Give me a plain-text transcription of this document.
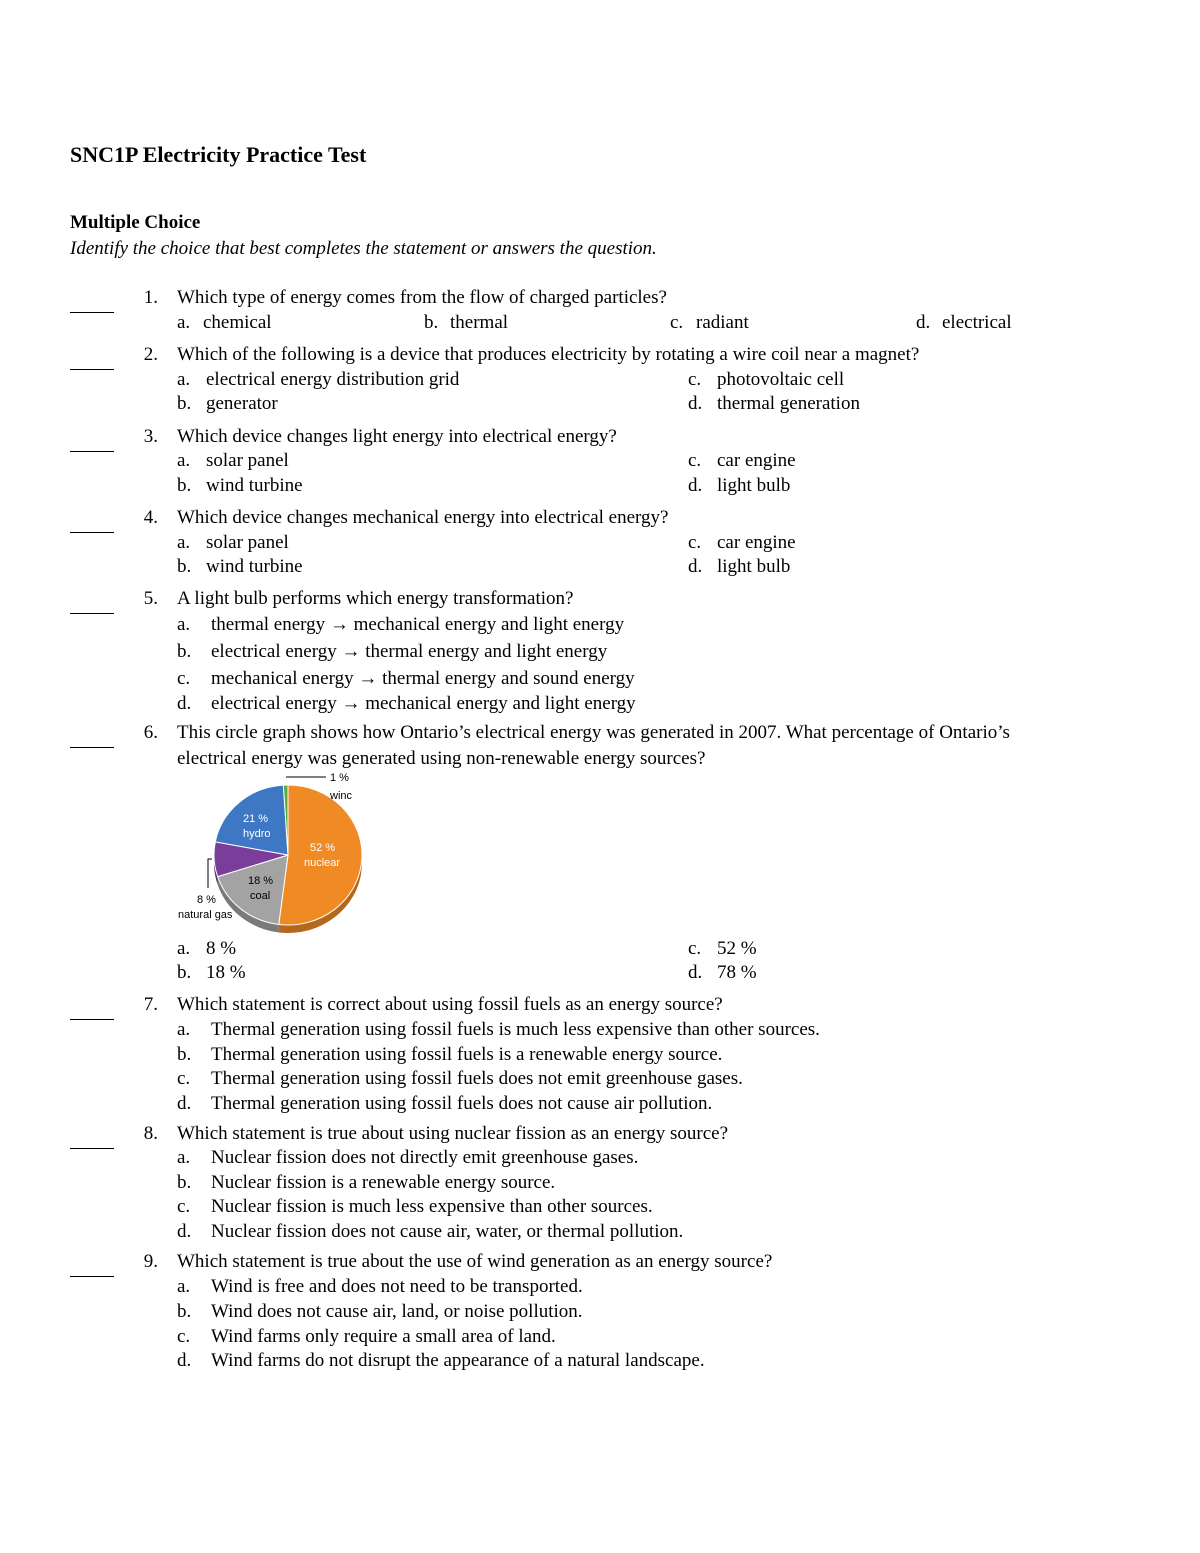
SNC1P Electricity Practice Test
Multiple Choice
Identify the choice that best completes the statement or answers the question.
1. Which type of energy comes from the flow of charged particles?
a. chemical	b. thermal	c. radiant	d. electrical
2. Which of the following is a device that produces electricity by rotating a wire coil near a magnet?
a. electrical energy distribution grid
b. generator
c. photovoltaic cell
d. thermal generation
3. Which device changes light energy into electrical energy?
a. solar panel
b. wind turbine
c. car engine
d. light bulb
4. Which device changes mechanical energy into electrical energy?
a. solar panel
b. wind turbine
c. car engine
d. light bulb
5. A light bulb performs which energy transformation?
a. thermal energy → mechanical energy and light energy
b. electrical energy → thermal energy and light energy
c. mechanical energy → thermal energy and sound energy
d. electrical energy → mechanical energy and light energy
6. This circle graph shows how Ontario’s electrical energy was generated in 2007. What percentage of Ontario’s
electrical energy was generated using non-renewable energy sources?
1 %
winc
21 %
hydro
52 %
nuclear
18 %
coal
8 %
natural gas
a. 8 %
b. 18 %
c. 52 %
d. 78 %
7. Which statement is correct about using fossil fuels as an energy source?
a. Thermal generation using fossil fuels is much less expensive than other sources.
b. Thermal generation using fossil fuels is a renewable energy source.
c. Thermal generation using fossil fuels does not emit greenhouse gases.
d. Thermal generation using fossil fuels does not cause air pollution.
8. Which statement is true about using nuclear fission as an energy source?
a. Nuclear fission does not directly emit greenhouse gases.
b. Nuclear fission is a renewable energy source.
c. Nuclear fission is much less expensive than other sources.
d. Nuclear fission does not cause air, water, or thermal pollution.
9. Which statement is true about the use of wind generation as an energy source?
a. Wind is free and does not need to be transported.
b. Wind does not cause air, land, or noise pollution.
c. Wind farms only require a small area of land.
d. Wind farms do not disrupt the appearance of a natural landscape.
